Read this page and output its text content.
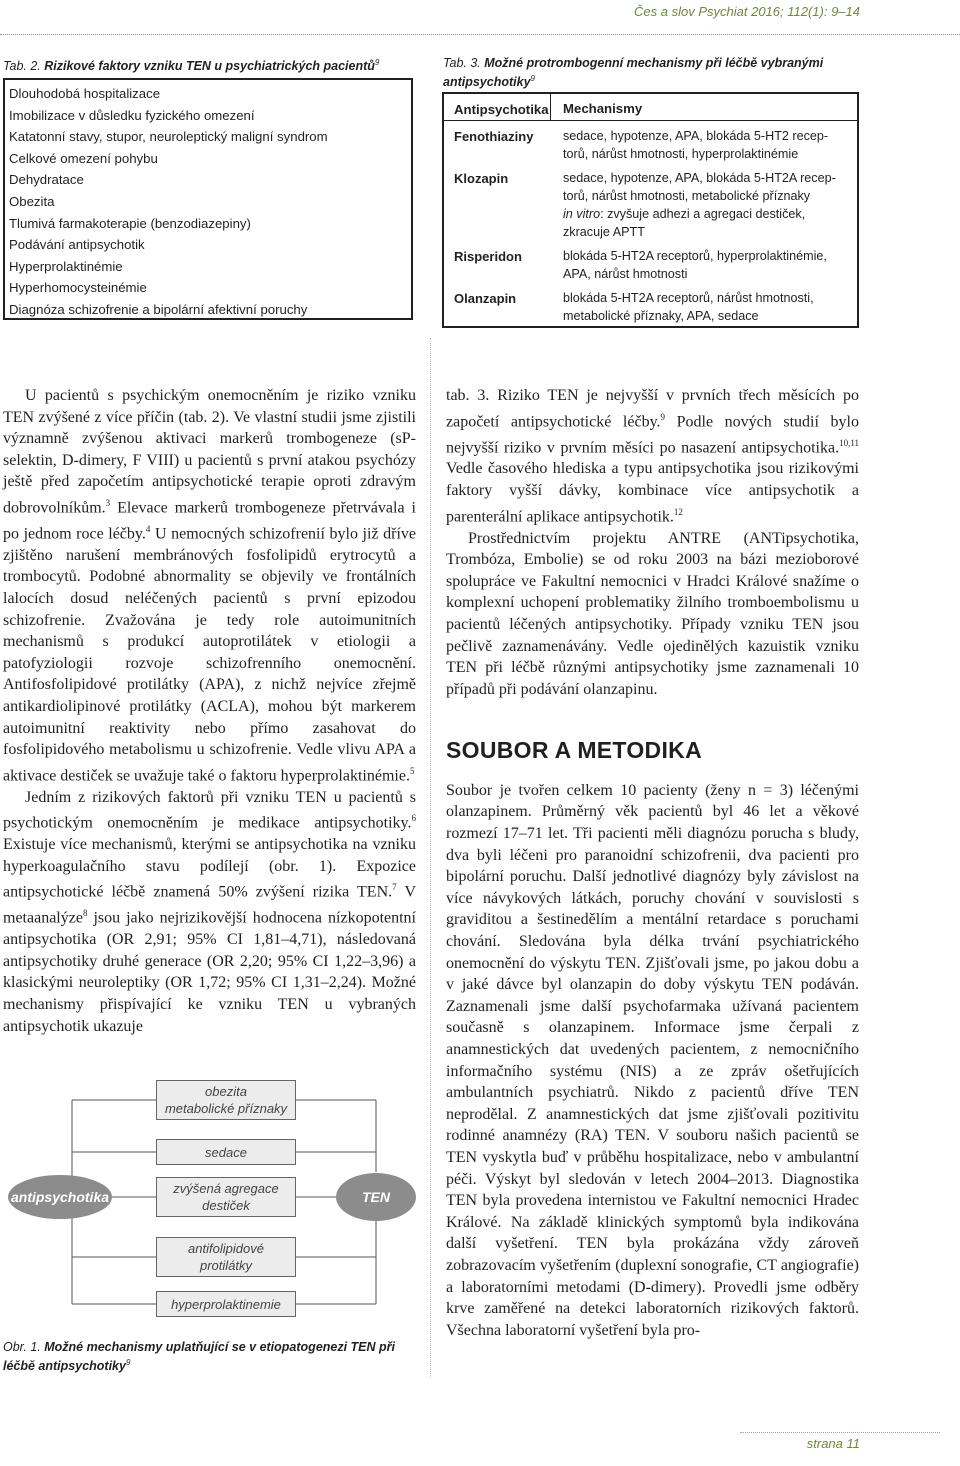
Čes a slov Psychiat 2016; 112(1): 9–14
Tab. 2. Rizikové faktory vzniku TEN u psychiatrických pacientů$^9$
Dlouhodobá hospitalizace
Imobilizace v důsledku fyzického omezení
Katatonní stavy, stupor, neuroleptický maligní syndrom
Celkové omezení pohybu
Dehydratace
Obezita
Tlumivá farmakoterapie (benzodiazepiny)
Podávání antipsychotik
Hyperprolaktinémie
Hyperhomocysteinémie
Diagnóza schizofrenie a bipolární afektivní poruchy
Tab. 3. Možné protrombogenní mechanismy při léčbě vybranými antipsychotiky$^9$
Antipsychotika	Mechanismy
Fenothiaziny	sedace, hypotenze, APA, blokáda 5-HT2 recep-
torů, nárůst hmotnosti, hyperprolaktinémie
Klozapin	sedace, hypotenze, APA, blokáda 5-HT2A recep-
torů, nárůst hmotnosti, metabolické příznaky
in vitro: zvyšuje adhezi a agregaci destiček,
zkracuje APTT
Risperidon	blokáda 5-HT2A receptorů, hyperprolaktinémie,
APA, nárůst hmotnosti
Olanzapin	blokáda 5-HT2A receptorů, nárůst hmotnosti,
metabolické příznaky, APA, sedace

U pacientů s psychickým onemocněním je riziko vzniku TEN zvýšené z více příčin (tab. 2). Ve vlastní studii jsme zjistili významně zvýšenou aktivaci markerů trombogeneze (sP-selektin, D-dimery, F VIII) u pacientů s první atakou psychózy ještě před započetím antipsychotické terapie oproti zdravým dobrovolníkům.$^3$ Elevace markerů trombogeneze přetrvávala i po jednom roce léčby.$^4$ U nemocných schizofrenií bylo již dříve zjištěno narušení membránových fosfolipidů erytrocytů a trombocytů. Podobné abnormality se objevily ve frontálních lalocích dosud neléčených pacientů s první epizodou schizofrenie. Zvažována je tedy role autoimunitních mechanismů s produkcí autoprotilátek v etiologii a patofyziologii rozvoje schizofrenního onemocnění. Antifosfolipidové protilátky (APA), z nichž nejvíce zřejmě antikardiolipinové protilátky (ACLA), mohou být markerem autoimunitní reaktivity nebo přímo zasahovat do fosfolipidového metabolismu u schizofrenie. Vedle vlivu APA a aktivace destiček se uvažuje také o faktoru hyperprolaktinémie.$^5$

Jedním z rizikových faktorů při vzniku TEN u pacientů s psychotickým onemocněním je medikace antipsychotiky.$^6$ Existuje více mechanismů, kterými se antipsychotika na vzniku hyperkoagulačního stavu podílejí (obr. 1). Expozice antipsychotické léčbě znamená 50% zvýšení rizika TEN.$^7$ V metaanalýze$^8$ jsou jako nejrizikovější hodnocena nízkopotentní antipsychotika (OR 2,91; 95% CI 1,81–4,71), následovaná antipsychotiky druhé generace (OR 2,20; 95% CI 1,22–3,96) a klasickými neuroleptiky (OR 1,72; 95% CI 1,31–2,24). Možné mechanismy přispívající ke vzniku TEN u vybraných antipsychotik ukazuje

antipsychotika	TEN
obezita
metabolické příznaky
sedace
zvýšená agregace
destiček
antifolipidové
protilátky
hyperprolaktinemie
Obr. 1. Možné mechanismy uplatňující se v etiopatogenezi TEN při léčbě antipsychotiky$^9$

tab. 3. Riziko TEN je nejvyšší v prvních třech měsících po započetí antipsychotické léčby.$^9$ Podle nových studií bylo nejvyšší riziko v prvním měsíci po nasazení antipsychotika.$^{10,11}$ Vedle časového hlediska a typu antipsychotika jsou rizikovými faktory vyšší dávky, kombinace více antipsychotik a parenterální aplikace antipsychotik.$^{12}$

Prostřednictvím projektu ANTRE (ANTipsychotika, Trombóza, Embolie) se od roku 2003 na bázi mezioborové spolupráce ve Fakultní nemocnici v Hradci Králové snažíme o komplexní uchopení problematiky žilního tromboembolismu u pacientů léčených antipsychotiky. Případy vzniku TEN jsou pečlivě zaznamenávány. Vedle ojedinělých kazuistik vzniku TEN při léčbě různými antipsychotiky jsme zaznamenali 10 případů při podávání olanzapinu.

SOUBOR A METODIKA

Soubor je tvořen celkem 10 pacienty (ženy n = 3) léčenými olanzapinem. Průměrný věk pacientů byl 46 let a věkové rozmezí 17–71 let. Tři pacienti měli diagnózu porucha s bludy, dva byli léčeni pro paranoidní schizofrenii, dva pacienti pro bipolární poruchu. Další jednotlivé diagnózy byly závislost na více návykových látkách, poruchy chování v souvislosti s graviditou a šestinedělím a mentální retardace s poruchami chování. Sledována byla délka trvání psychiatrického onemocnění do výskytu TEN. Zjišťovali jsme, po jakou dobu a v jaké dávce byl olanzapin do doby výskytu TEN podáván. Zaznamenali jsme další psychofarmaka užívaná pacientem současně s olanzapinem. Informace jsme čerpali z anamnestických dat uvedených pacientem, z nemocničního informačního systému (NIS) a ze zpráv ošetřujících ambulantních psychiatrů. Nikdo z pacientů dříve TEN neprodělal. Z anamnestických dat jsme zjišťovali pozitivitu rodinné anamnézy (RA) TEN. V souboru našich pacientů se TEN vyskytla buď v průběhu hospitalizace, nebo v ambulantní péči. Výskyt byl sledován v letech 2004–2013. Diagnostika TEN byla provedena internistou ve Fakultní nemocnici Hradec Králové. Na základě klinických symptomů byla indikována další vyšetření. TEN byla prokázána vždy zároveň zobrazovacím vyšetřením (duplexní sonografie, CT angiografie) a laboratorními metodami (D-dimery). Provedli jsme odběry krve zaměřené na detekci laboratorních rizikových faktorů. Všechna laboratorní vyšetření byla pro-

strana 11
